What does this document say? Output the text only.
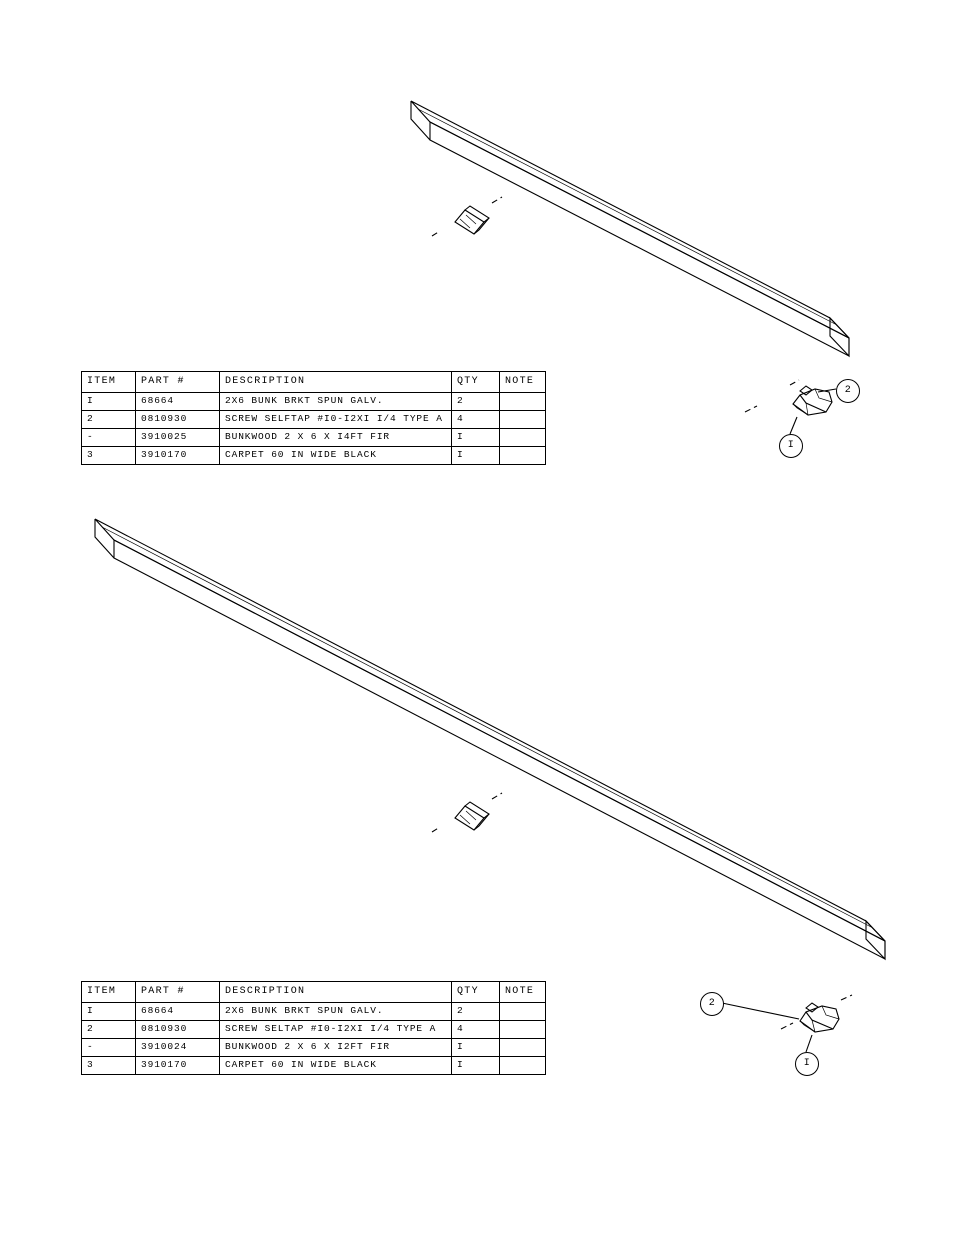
ITEM	PART #	DESCRIPTION	QTY	NOTE
I	68664	2X6 BUNK BRKT SPUN GALV.	2	
2	0810930	SCREW SELFTAP #I0-I2XI I/4 TYPE A	4	
-	3910025	BUNKWOOD 2 X 6 X I4FT FIR	I	
3	3910170	CARPET 60 IN WIDE BLACK	I	
ITEM	PART #	DESCRIPTION	QTY	NOTE
I	68664	2X6 BUNK BRKT SPUN GALV.	2	
2	0810930	SCREW SELTAP #I0-I2XI I/4 TYPE A	4	
-	3910024	BUNKWOOD 2 X 6 X I2FT FIR	I	
3	3910170	CARPET 60 IN WIDE BLACK	I	
I
2
I
2
